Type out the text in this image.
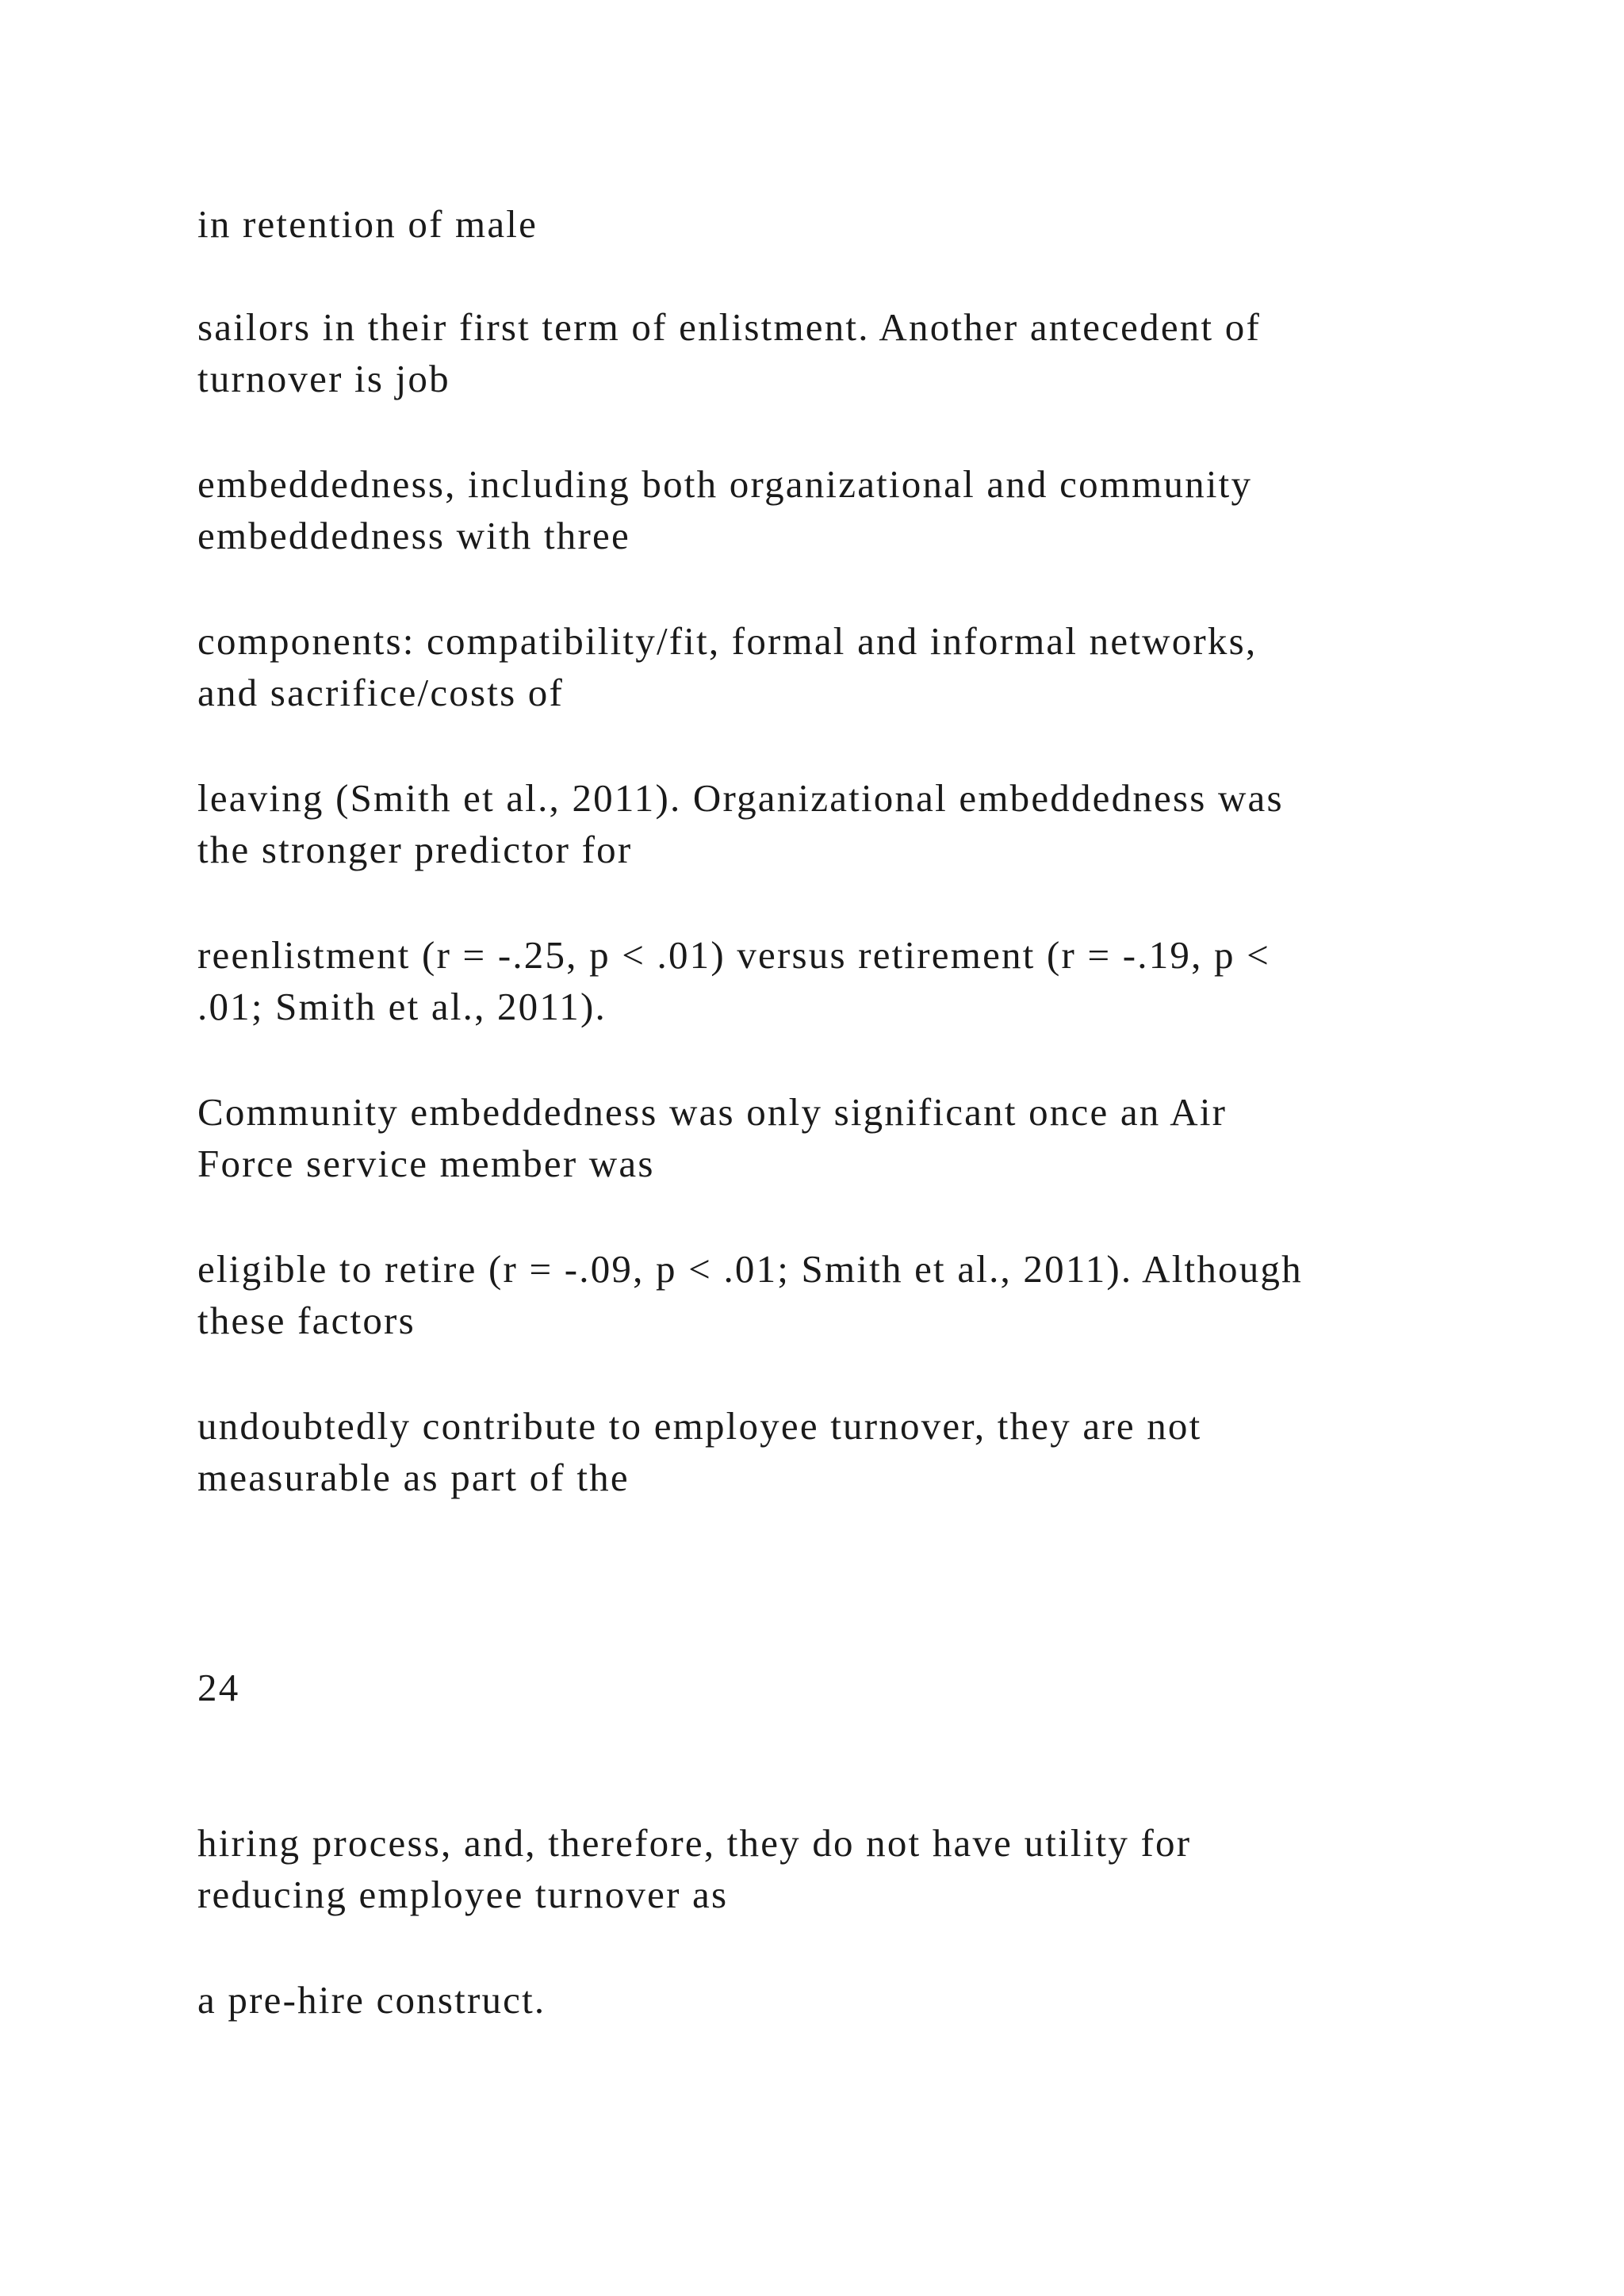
in retention of male

sailors in their first term of enlistment. Another antecedent of
turnover is job

embeddedness, including both organizational and community
embeddedness with three

components: compatibility/fit, formal and informal networks,
and sacrifice/costs of

leaving (Smith et al., 2011). Organizational embeddedness was
the stronger predictor for

reenlistment (r = -.25, p < .01) versus retirement (r = -.19, p <
.01; Smith et al., 2011).

Community embeddedness was only significant once an Air
Force service member was

eligible to retire (r = -.09, p < .01; Smith et al., 2011). Although
these factors

undoubtedly contribute to employee turnover, they are not
measurable as part of the

24

hiring process, and, therefore, they do not have utility for
reducing employee turnover as

a pre-hire construct.
